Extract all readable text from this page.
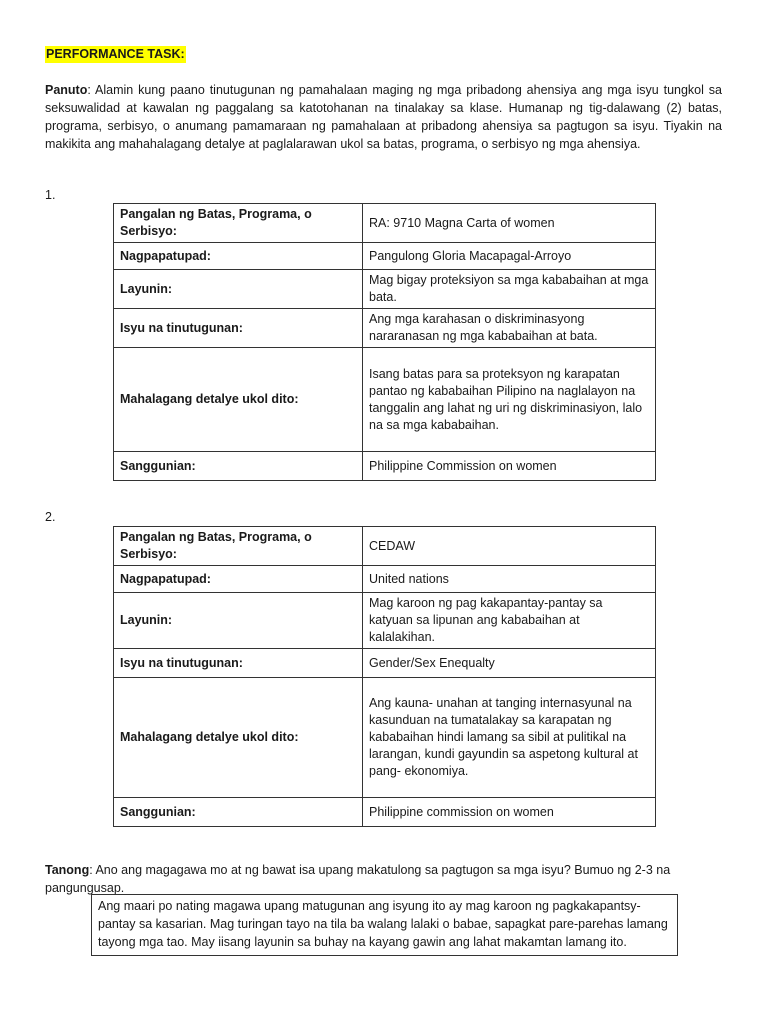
PERFORMANCE TASK:
Panuto: Alamin kung paano tinutugunan ng pamahalaan maging ng mga pribadong ahensiya ang mga isyu tungkol sa seksuwalidad at kawalan ng paggalang sa katotohanan na tinalakay sa klase. Humanap ng tig-dalawang (2) batas, programa, serbisyo, o anumang pamamaraan ng pamahalaan at pribadong ahensiya sa pagtugon sa isyu. Tiyakin na makikita ang mahahalagang detalye at paglalarawan ukol sa batas, programa, o serbisyo ng mga ahensiya.
1.
Pangalan ng Batas, Programa, o Serbisyo:	RA: 9710 Magna Carta of women
Nagpapatupad:	Pangulong Gloria Macapagal-Arroyo
Layunin:	Mag bigay proteksiyon sa mga kababaihan at mga bata.
Isyu na tinutugunan:	Ang mga karahasan o diskriminasyong nararanasan ng mga kababaihan at bata.
Mahalagang detalye ukol dito:	Isang batas para sa proteksyon ng karapatan pantao ng kababaihan Pilipino na naglalayon na tanggalin ang lahat ng uri ng diskriminasiyon, lalo na sa mga kababaihan.
Sanggunian:	Philippine Commission on women
2.
Pangalan ng Batas, Programa, o Serbisyo:	CEDAW
Nagpapatupad:	United nations
Layunin:	Mag karoon ng pag kakapantay-pantay sa katyuan sa lipunan ang kababaihan at kalalakihan.
Isyu na tinutugunan:	Gender/Sex Enequalty
Mahalagang detalye ukol dito:	Ang kauna- unahan at tanging internasyunal na kasunduan na tumatalakay sa karapatan ng kababaihan hindi lamang sa sibil at pulitikal na larangan, kundi gayundin sa aspetong kultural at pang- ekonomiya.
Sanggunian:	Philippine commission on women
Tanong: Ano ang magagawa mo at ng bawat isa upang makatulong sa pagtugon sa mga isyu? Bumuo ng 2-3 na pangungusap.
Ang maari po nating magawa upang matugunan ang isyung ito ay mag karoon ng pagkakapantsy-pantay sa kasarian. Mag turingan tayo na tila ba walang lalaki o babae, sapagkat pare-parehas lamang tayong mga tao. May iisang layunin sa buhay na kayang gawin ang lahat makamtan lamang ito.
